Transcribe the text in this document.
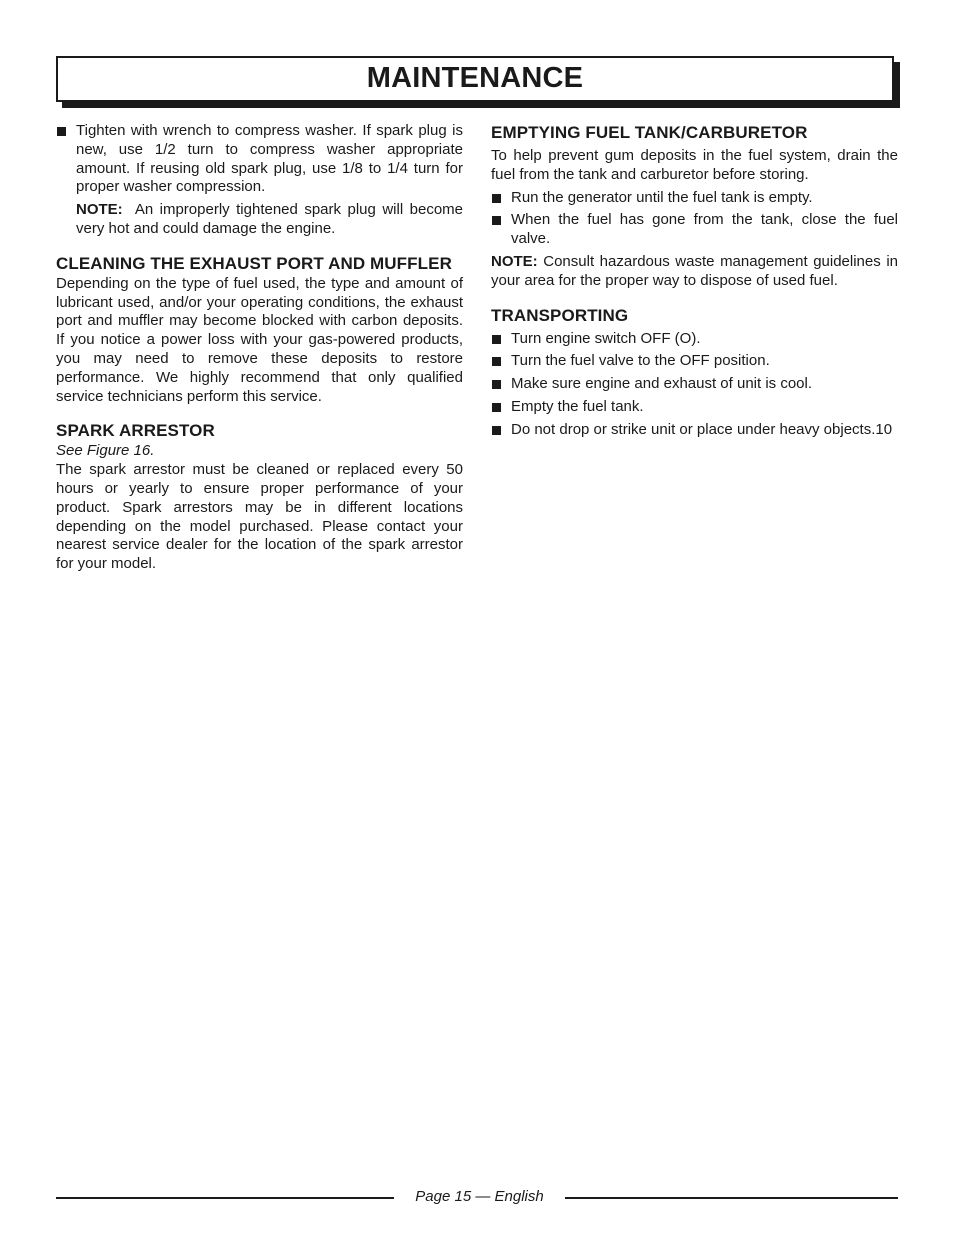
MAINTENANCE
Tighten with wrench to compress washer. If spark plug is new, use 1/2 turn to compress washer appropriate amount. If reusing old spark plug, use 1/8 to 1/4 turn for proper washer compression.
NOTE: An improperly tightened spark plug will become very hot and could damage the engine.
CLEANING THE EXHAUST PORT AND MUFFLER

Depending on the type of fuel used, the type and amount of lubricant used, and/or your operating conditions, the exhaust port and muffler may become blocked with carbon deposits. If you notice a power loss with your gas-powered products, you may need to remove these deposits to restore performance. We highly recommend that only qualified service technicians perform this service.

SPARK ARRESTOR

See Figure 16.

The spark arrestor must be cleaned or replaced every 50 hours or yearly to ensure proper performance of your product. Spark arrestors may be in different locations depending on the model purchased. Please contact your nearest service dealer for the location of the spark arrestor for your model.

EMPTYING FUEL TANK/CARBURETOR

To help prevent gum deposits in the fuel system, drain the fuel from the tank and carburetor before storing.

Run the generator until the fuel tank is empty.
When the fuel has gone from the tank, close the fuel valve.

NOTE: Consult hazardous waste management guidelines in your area for the proper way to dispose of used fuel.

TRANSPORTING
Turn engine switch OFF (O).
Turn the fuel valve to the OFF position.
Make sure engine and exhaust of unit is cool.
Empty the fuel tank.
Do not drop or strike unit or place under heavy objects.10
Page 15 — English
